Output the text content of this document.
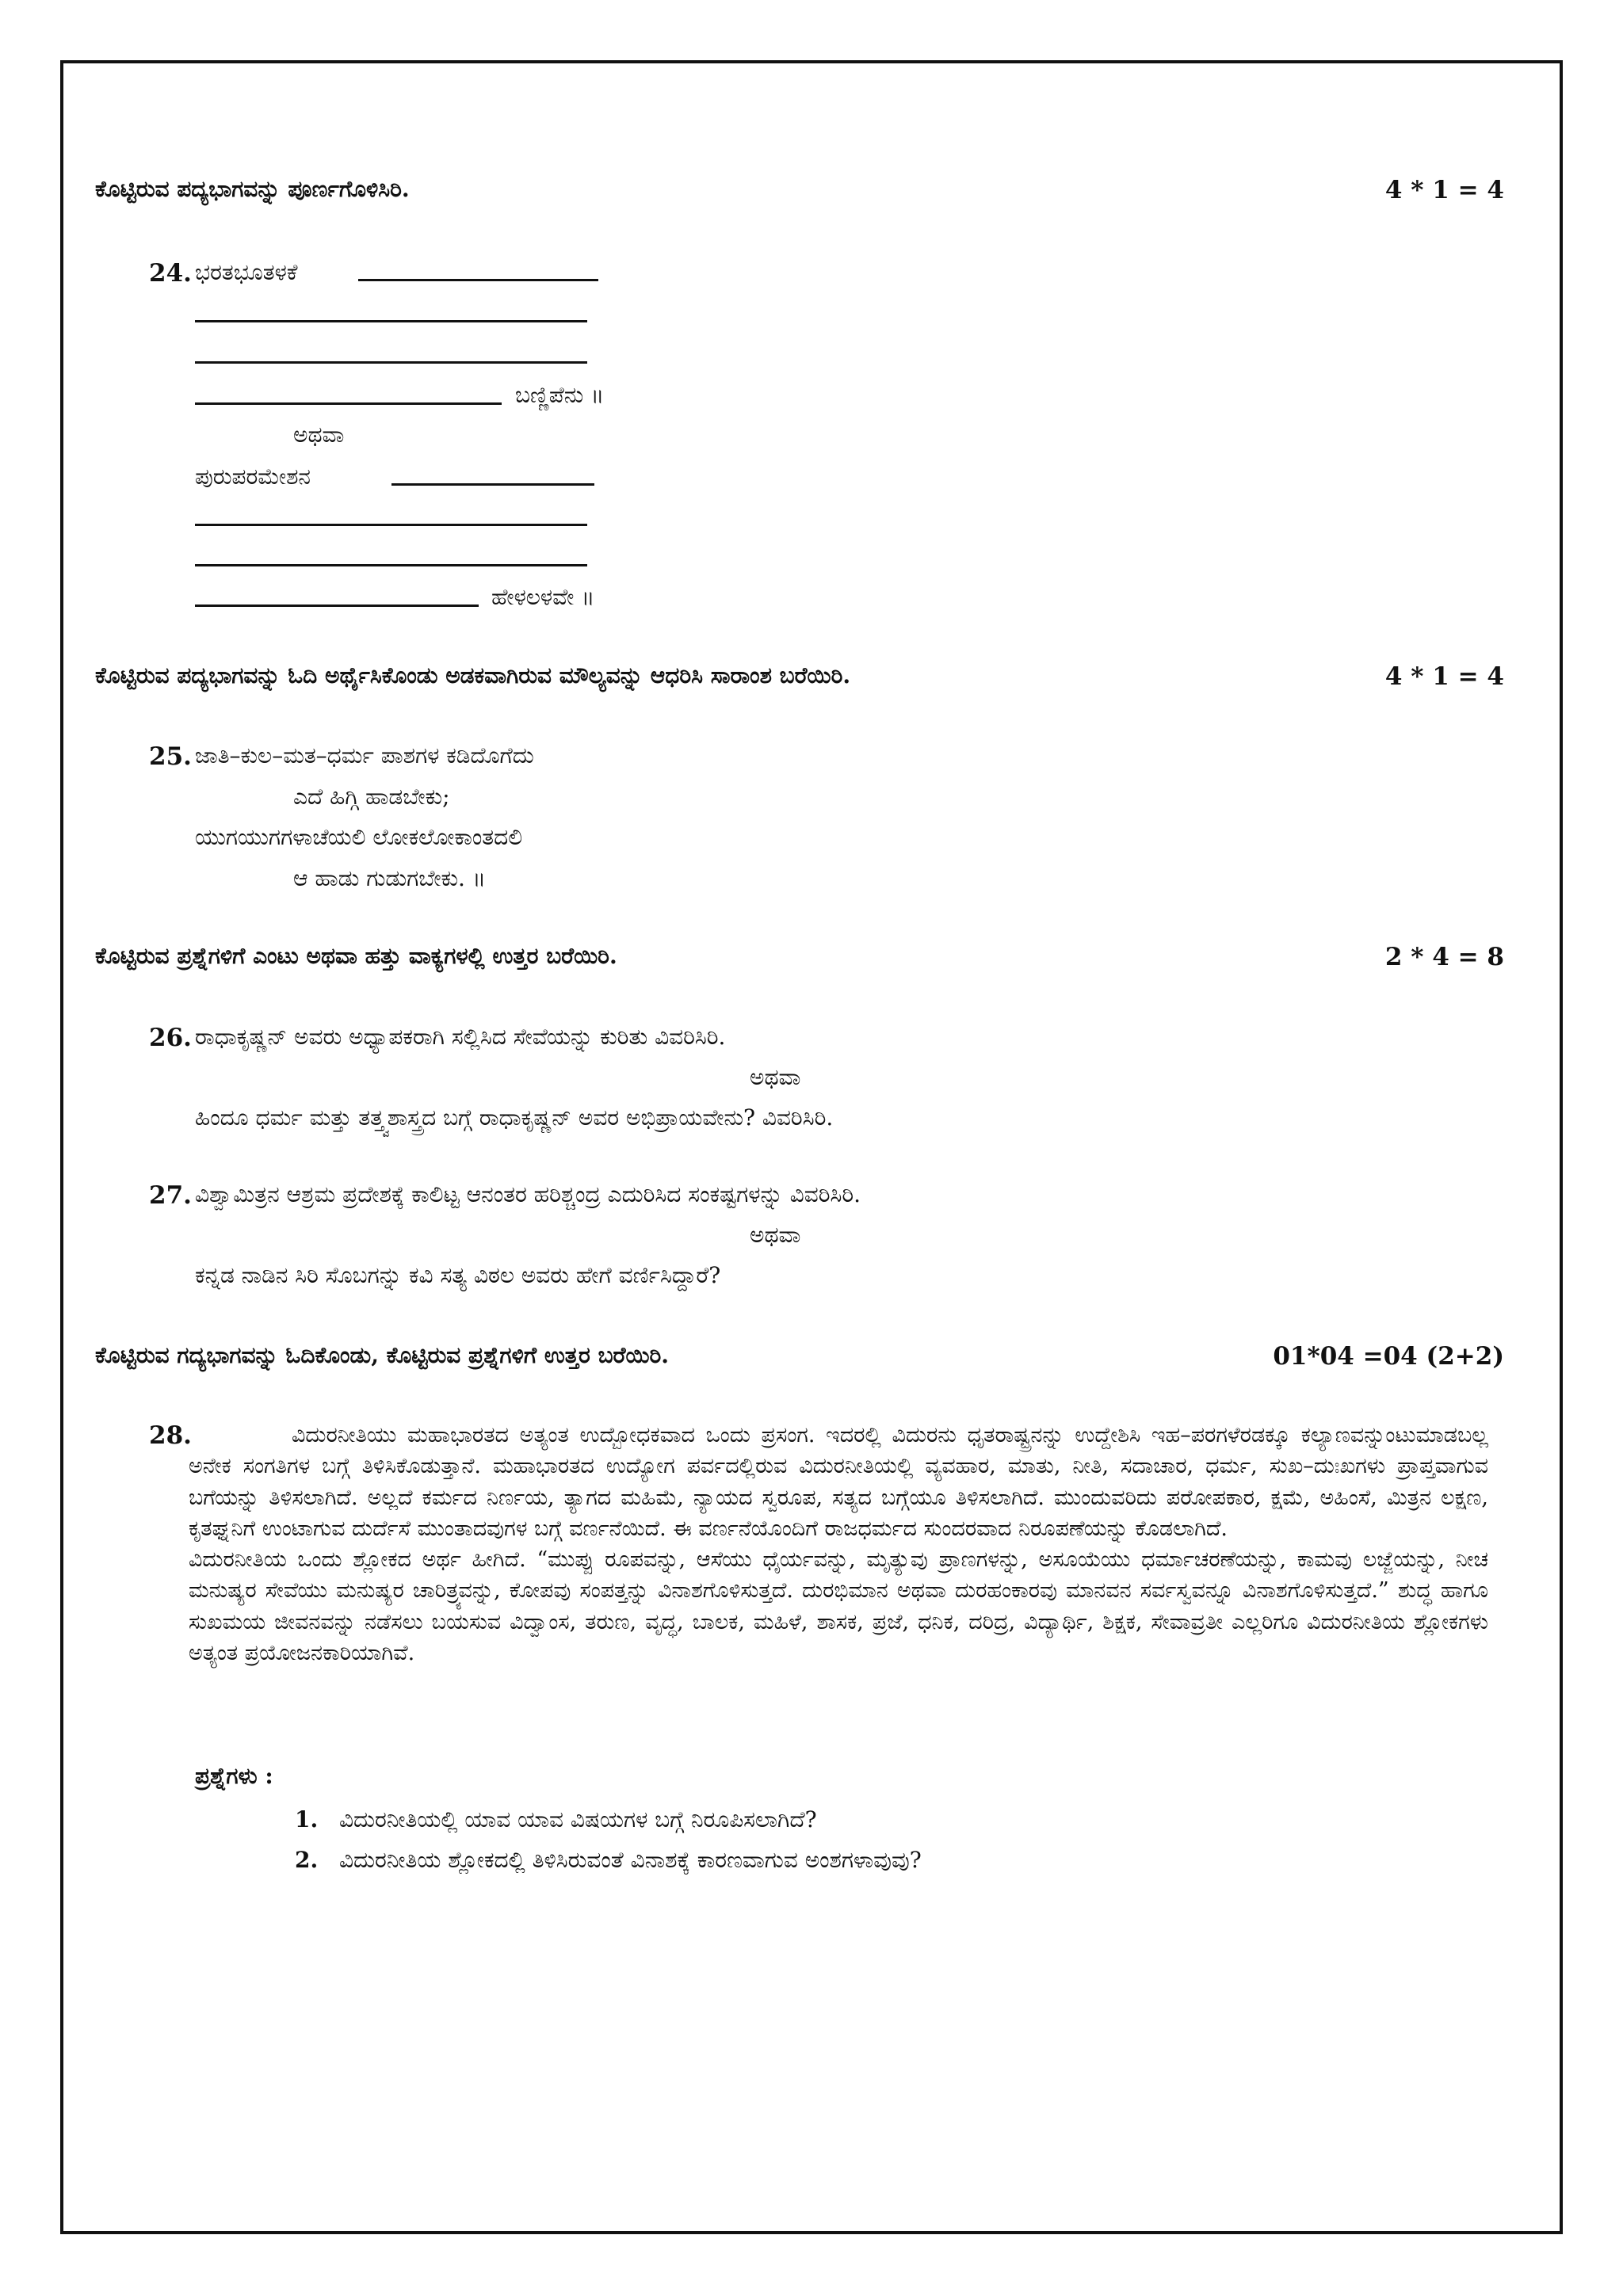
ಕೊಟ್ಟಿರುವ ಪದ್ಯಭಾಗವನ್ನು ಪೂರ್ಣಗೊಳಿಸಿರಿ.	4 * 1 = 4
24. ಭರತಭೂತಳಕೆ
ಬಣ್ಣಿಪೆನು ॥
ಅಥವಾ
ಪುರುಪರಮೇಶನ
ಹೇಳಲಳವೇ ॥
ಕೊಟ್ಟಿರುವ ಪದ್ಯಭಾಗವನ್ನು ಓದಿ ಅರ್ಥೈಸಿಕೊಂಡು ಅಡಕವಾಗಿರುವ ಮೌಲ್ಯವನ್ನು ಆಧರಿಸಿ ಸಾರಾಂಶ ಬರೆಯಿರಿ.	4 * 1 = 4
25. ಜಾತಿ–ಕುಲ–ಮತ–ಧರ್ಮ ಪಾಶಗಳ ಕಡಿದೊಗೆದು
ಎದೆ ಹಿಗ್ಗಿ ಹಾಡಬೇಕು;
ಯುಗಯುಗಗಳಾಚೆಯಲಿ ಲೋಕಲೋಕಾಂತದಲಿ
ಆ ಹಾಡು ಗುಡುಗಬೇಕು. ॥
ಕೊಟ್ಟಿರುವ ಪ್ರಶ್ನೆಗಳಿಗೆ ಎಂಟು ಅಥವಾ ಹತ್ತು ವಾಕ್ಯಗಳಲ್ಲಿ ಉತ್ತರ ಬರೆಯಿರಿ.	2 * 4 = 8
26. ರಾಧಾಕೃಷ್ಣನ್ ಅವರು ಅಧ್ಯಾಪಕರಾಗಿ ಸಲ್ಲಿಸಿದ ಸೇವೆಯನ್ನು ಕುರಿತು ವಿವರಿಸಿರಿ.
ಅಥವಾ
ಹಿಂದೂ ಧರ್ಮ ಮತ್ತು ತತ್ತ್ವಶಾಸ್ತ್ರದ ಬಗ್ಗೆ ರಾಧಾಕೃಷ್ಣನ್ ಅವರ ಅಭಿಪ್ರಾಯವೇನು? ವಿವರಿಸಿರಿ.
27. ವಿಶ್ವಾಮಿತ್ರನ ಆಶ್ರಮ ಪ್ರದೇಶಕ್ಕೆ ಕಾಲಿಟ್ಟ ಆನಂತರ ಹರಿಶ್ಚಂದ್ರ ಎದುರಿಸಿದ ಸಂಕಷ್ಟಗಳನ್ನು ವಿವರಿಸಿರಿ.
ಅಥವಾ
ಕನ್ನಡ ನಾಡಿನ ಸಿರಿ ಸೊಬಗನ್ನು ಕವಿ ಸತ್ಯ ವಿಠಲ ಅವರು ಹೇಗೆ ವರ್ಣಿಸಿದ್ದಾರೆ?
ಕೊಟ್ಟಿರುವ ಗದ್ಯಭಾಗವನ್ನು ಓದಿಕೊಂಡು, ಕೊಟ್ಟಿರುವ ಪ್ರಶ್ನೆಗಳಿಗೆ ಉತ್ತರ ಬರೆಯಿರಿ.	01*04 =04 (2+2)
28.	ವಿದುರನೀತಿಯು ಮಹಾಭಾರತದ ಅತ್ಯಂತ ಉದ್ಬೋಧಕವಾದ ಒಂದು ಪ್ರಸಂಗ. ಇದರಲ್ಲಿ ವಿದುರನು ಧೃತರಾಷ್ಟ್ರನನ್ನು ಉದ್ದೇಶಿಸಿ ಇಹ–ಪರಗಳೆರಡಕ್ಕೂ ಕಲ್ಯಾಣವನ್ನುಂಟುಮಾಡಬಲ್ಲ ಅನೇಕ ಸಂಗತಿಗಳ ಬಗ್ಗೆ ತಿಳಿಸಿಕೊಡುತ್ತಾನೆ. ಮಹಾಭಾರತದ ಉದ್ಯೋಗ ಪರ್ವದಲ್ಲಿರುವ ವಿದುರನೀತಿಯಲ್ಲಿ ವ್ಯವಹಾರ, ಮಾತು, ನೀತಿ, ಸದಾಚಾರ, ಧರ್ಮ, ಸುಖ–ದುಃಖಗಳು ಪ್ರಾಪ್ತವಾಗುವ ಬಗೆಯನ್ನು ತಿಳಿಸಲಾಗಿದೆ. ಅಲ್ಲದೆ ಕರ್ಮದ ನಿರ್ಣಯ, ತ್ಯಾಗದ ಮಹಿಮೆ, ನ್ಯಾಯದ ಸ್ವರೂಪ, ಸತ್ಯದ ಬಗ್ಗೆಯೂ ತಿಳಿಸಲಾಗಿದೆ. ಮುಂದುವರಿದು ಪರೋಪಕಾರ, ಕ್ಷಮೆ, ಅಹಿಂಸೆ, ಮಿತ್ರನ ಲಕ್ಷಣ, ಕೃತಘ್ನನಿಗೆ ಉಂಟಾಗುವ ದುರ್ದೆಸೆ ಮುಂತಾದವುಗಳ ಬಗ್ಗೆ ವರ್ಣನೆಯಿದೆ. ಈ ವರ್ಣನೆಯೊಂದಿಗೆ ರಾಜಧರ್ಮದ ಸುಂದರವಾದ ನಿರೂಪಣೆಯನ್ನು ಕೊಡಲಾಗಿದೆ.

ವಿದುರನೀತಿಯ ಒಂದು ಶ್ಲೋಕದ ಅರ್ಥ ಹೀಗಿದೆ. “ಮುಪ್ಪು ರೂಪವನ್ನು, ಆಸೆಯು ಧೈರ್ಯವನ್ನು, ಮೃತ್ಯುವು ಪ್ರಾಣಗಳನ್ನು, ಅಸೂಯೆಯು ಧರ್ಮಾಚರಣೆಯನ್ನು, ಕಾಮವು ಲಜ್ಜೆಯನ್ನು, ನೀಚ ಮನುಷ್ಯರ ಸೇವೆಯು ಮನುಷ್ಯರ ಚಾರಿತ್ರ್ಯವನ್ನು, ಕೋಪವು ಸಂಪತ್ತನ್ನು ವಿನಾಶಗೊಳಿಸುತ್ತದೆ. ದುರಭಿಮಾನ ಅಥವಾ ದುರಹಂಕಾರವು ಮಾನವನ ಸರ್ವಸ್ವವನ್ನೂ ವಿನಾಶಗೊಳಿಸುತ್ತದೆ.” ಶುದ್ಧ ಹಾಗೂ ಸುಖಮಯ ಜೀವನವನ್ನು ನಡೆಸಲು ಬಯಸುವ ವಿದ್ವಾಂಸ, ತರುಣ, ವೃದ್ಧ, ಬಾಲಕ, ಮಹಿಳೆ, ಶಾಸಕ, ಪ್ರಜೆ, ಧನಿಕ, ದರಿದ್ರ, ವಿದ್ಯಾರ್ಥಿ, ಶಿಕ್ಷಕ, ಸೇವಾವ್ರತೀ ಎಲ್ಲರಿಗೂ ವಿದುರನೀತಿಯ ಶ್ಲೋಕಗಳು ಅತ್ಯಂತ ಪ್ರಯೋಜನಕಾರಿಯಾಗಿವೆ.

ಪ್ರಶ್ನೆಗಳು :
1. ವಿದುರನೀತಿಯಲ್ಲಿ ಯಾವ ಯಾವ ವಿಷಯಗಳ ಬಗ್ಗೆ ನಿರೂಪಿಸಲಾಗಿದೆ?
2. ವಿದುರನೀತಿಯ ಶ್ಲೋಕದಲ್ಲಿ ತಿಳಿಸಿರುವಂತೆ ವಿನಾಶಕ್ಕೆ ಕಾರಣವಾಗುವ ಅಂಶಗಳಾವುವು?
